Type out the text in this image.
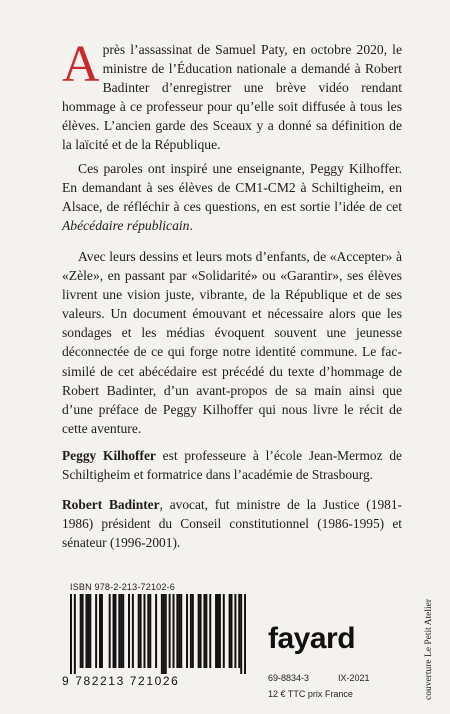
Après l’assassinat de Samuel Paty, en octobre 2020, le ministre de l’Éducation nationale a demandé à Robert Badinter d’enregistrer une brève vidéo rendant hommage à ce professeur pour qu’elle soit diffusée à tous les élèves. L’ancien garde des Sceaux y a donné sa définition de la laïcité et de la République.

Ces paroles ont inspiré une enseignante, Peggy Kilhoffer. En demandant à ses élèves de CM1-CM2 à Schiltigheim, en Alsace, de réfléchir à ces questions, en est sortie l’idée de cet Abécédaire républicain.

Avec leurs dessins et leurs mots d’enfants, de «Accepter» à «Zèle», en passant par «Solidarité» ou «Garantir», ses élèves livrent une vision juste, vibrante, de la République et de ses valeurs. Un document émouvant et nécessaire alors que les sondages et les médias évoquent souvent une jeunesse déconnectée de ce qui forge notre identité commune. Le fac-similé de cet abécédaire est précédé du texte d’hommage de Robert Badinter, d’un avant-propos de sa main ainsi que d’une préface de Peggy Kilhoffer qui nous livre le récit de cette aventure.

Peggy Kilhoffer est professeure à l’école Jean-Mermoz de Schiltigheim et formatrice dans l’académie de Strasbourg.

Robert Badinter, avocat, fut ministre de la Justice (1981-1986) président du Conseil constitutionnel (1986-1995) et sénateur (1996-2001).

ISBN 978-2-213-72102-6
9 782213 721026
fayard
69-8834-3	IX-2021
12 € TTC prix France	couverture Le Petit Atelier
